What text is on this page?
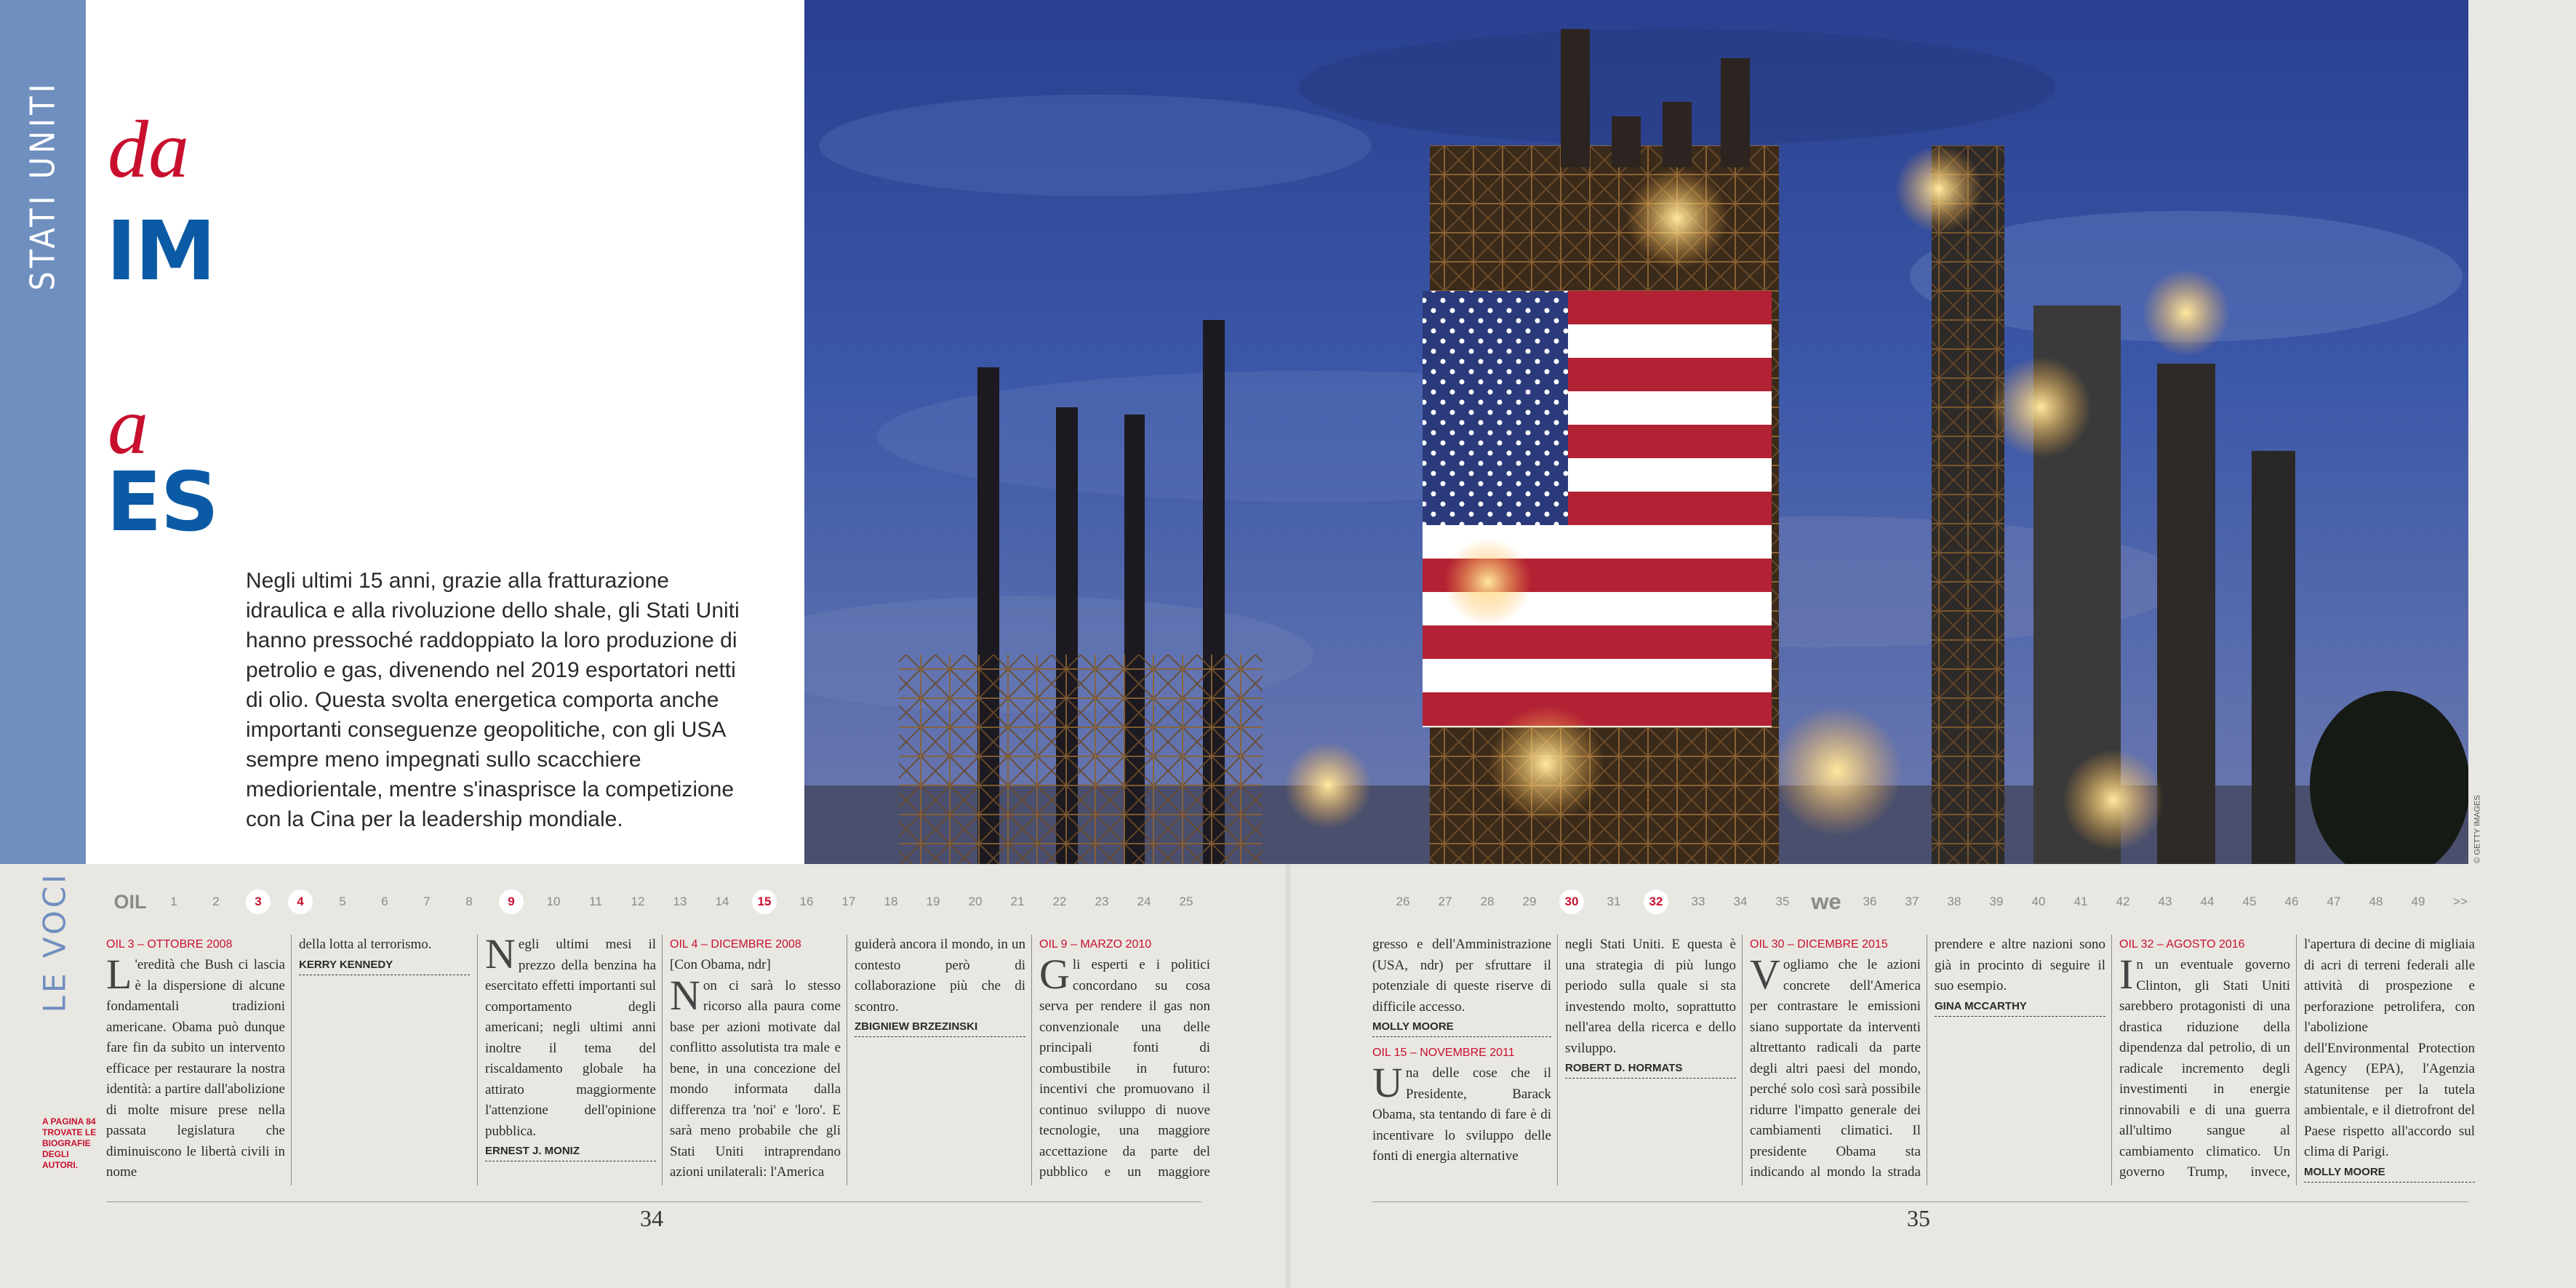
STATI UNITI da
IM
a
ES
Negli ultimi 15 anni, grazie alla fratturazione idraulica e alla rivoluzione dello shale, gli Stati Uniti hanno pressoché raddoppiato la loro produzione di petrolio e gas, divenendo nel 2019 esportatori netti di olio. Questa svolta energetica comporta anche importanti conseguenze geopolitiche, con gli USA sempre meno impegnati sullo scacchiere mediorientale, mentre s'inasprisce la competizione con la Cina per la leadership mondiale.	© GETTY IMAGES
LE VOCI
A PAGINA 84 TROVATE LE BIOGRAFIE DEGLI AUTORI.
OIL	1	2	3	4	5	6	7	8	9	10	11	12	13	14	15	16	17	18	19	20	21	22	23	24	25	26	27	28	29	30	31	32	33	34	35 we	36	37	38	39	40	41	42	43	44	45	46	47	48	49	>>
OIL 3 – OTTOBRE 2008
L 'eredità che Bush ci lascia è la dispersione di alcune fondamentali tradizioni americane. Obama può dunque fare fin da subito un intervento efficace per restaurare la nostra identità: a partire dall'abolizione di molte misure prese nella passata legislatura che diminuiscono le libertà civili in nome
della lotta al terrorismo.
KERRY KENNEDY	Negli ultimi mesi il prezzo della benzina ha esercitato effetti importanti sul comportamento degli americani; negli ultimi anni inoltre il tema del riscaldamento globale ha attirato maggiormente l'attenzione dell'opinione pubblica.
ERNEST J. MONIZ
OIL 4 – DICEMBRE 2008
[Con Obama, ndr]
Non ci sarà lo stesso ricorso alla paura come base per azioni motivate dal conflitto assolutista tra male e bene, in una concezione del mondo informata dalla differenza tra 'noi' e 'loro'. E sarà meno probabile che gli Stati Uniti intraprendano azioni unilaterali: l'America
guiderà ancora il mondo, in un contesto però di collaborazione più che di scontro.
ZBIGNIEW BRZEZINSKI
OIL 9 – MARZO 2010
Gli esperti e i politici concordano su cosa serva per rendere il gas non convenzionale una delle principali fonti di combustibile in futuro: incentivi che promuovano il continuo sviluppo di nuove tecnologie, una maggiore accettazione da parte del pubblico e un maggiore
gresso e dell'Amministrazione (USA, ndr) per sfruttare il potenziale di queste riserve di difficile accesso.
MOLLY MOORE
OIL 15 – NOVEMBRE 2011
Una delle cose che il Presidente, Barack Obama, sta tentando di fare è di incentivare lo sviluppo delle fonti di energia alternative
negli Stati Uniti. E questa è una strategia di più lungo periodo sulla quale si sta investendo molto, soprattutto nell'area della ricerca e dello sviluppo.
ROBERT D. HORMATS
OIL 30 – DICEMBRE 2015
Vogliamo che le azioni concrete dell'America per contrastare le emissioni siano supportate da interventi altrettanto radicali da parte degli altri paesi del mondo, perché solo così sarà possibile ridurre l'impatto generale dei cambiamenti climatici. Il presidente Obama sta indicando al mondo la strada
prendere e altre nazioni sono già in procinto di seguire il suo esempio.
GINA MCCARTHY
OIL 32 – AGOSTO 2016
In un eventuale governo Clinton, gli Stati Uniti sarebbero protagonisti di una drastica riduzione della dipendenza dal petrolio, di un radicale incremento degli investimenti in energie rinnovabili e di una guerra all'ultimo sangue al cambiamento climatico. Un governo Trump, invece,
l'apertura di decine di migliaia di acri di terreni federali alle attività di prospezione e perforazione petrolifera, con l'abolizione dell'Environmental Protection Agency (EPA), l'Agenzia statunitense per la tutela ambientale, e il dietrofront del Paese rispetto all'accordo sul clima di Parigi.
MOLLY MOORE
34	35
